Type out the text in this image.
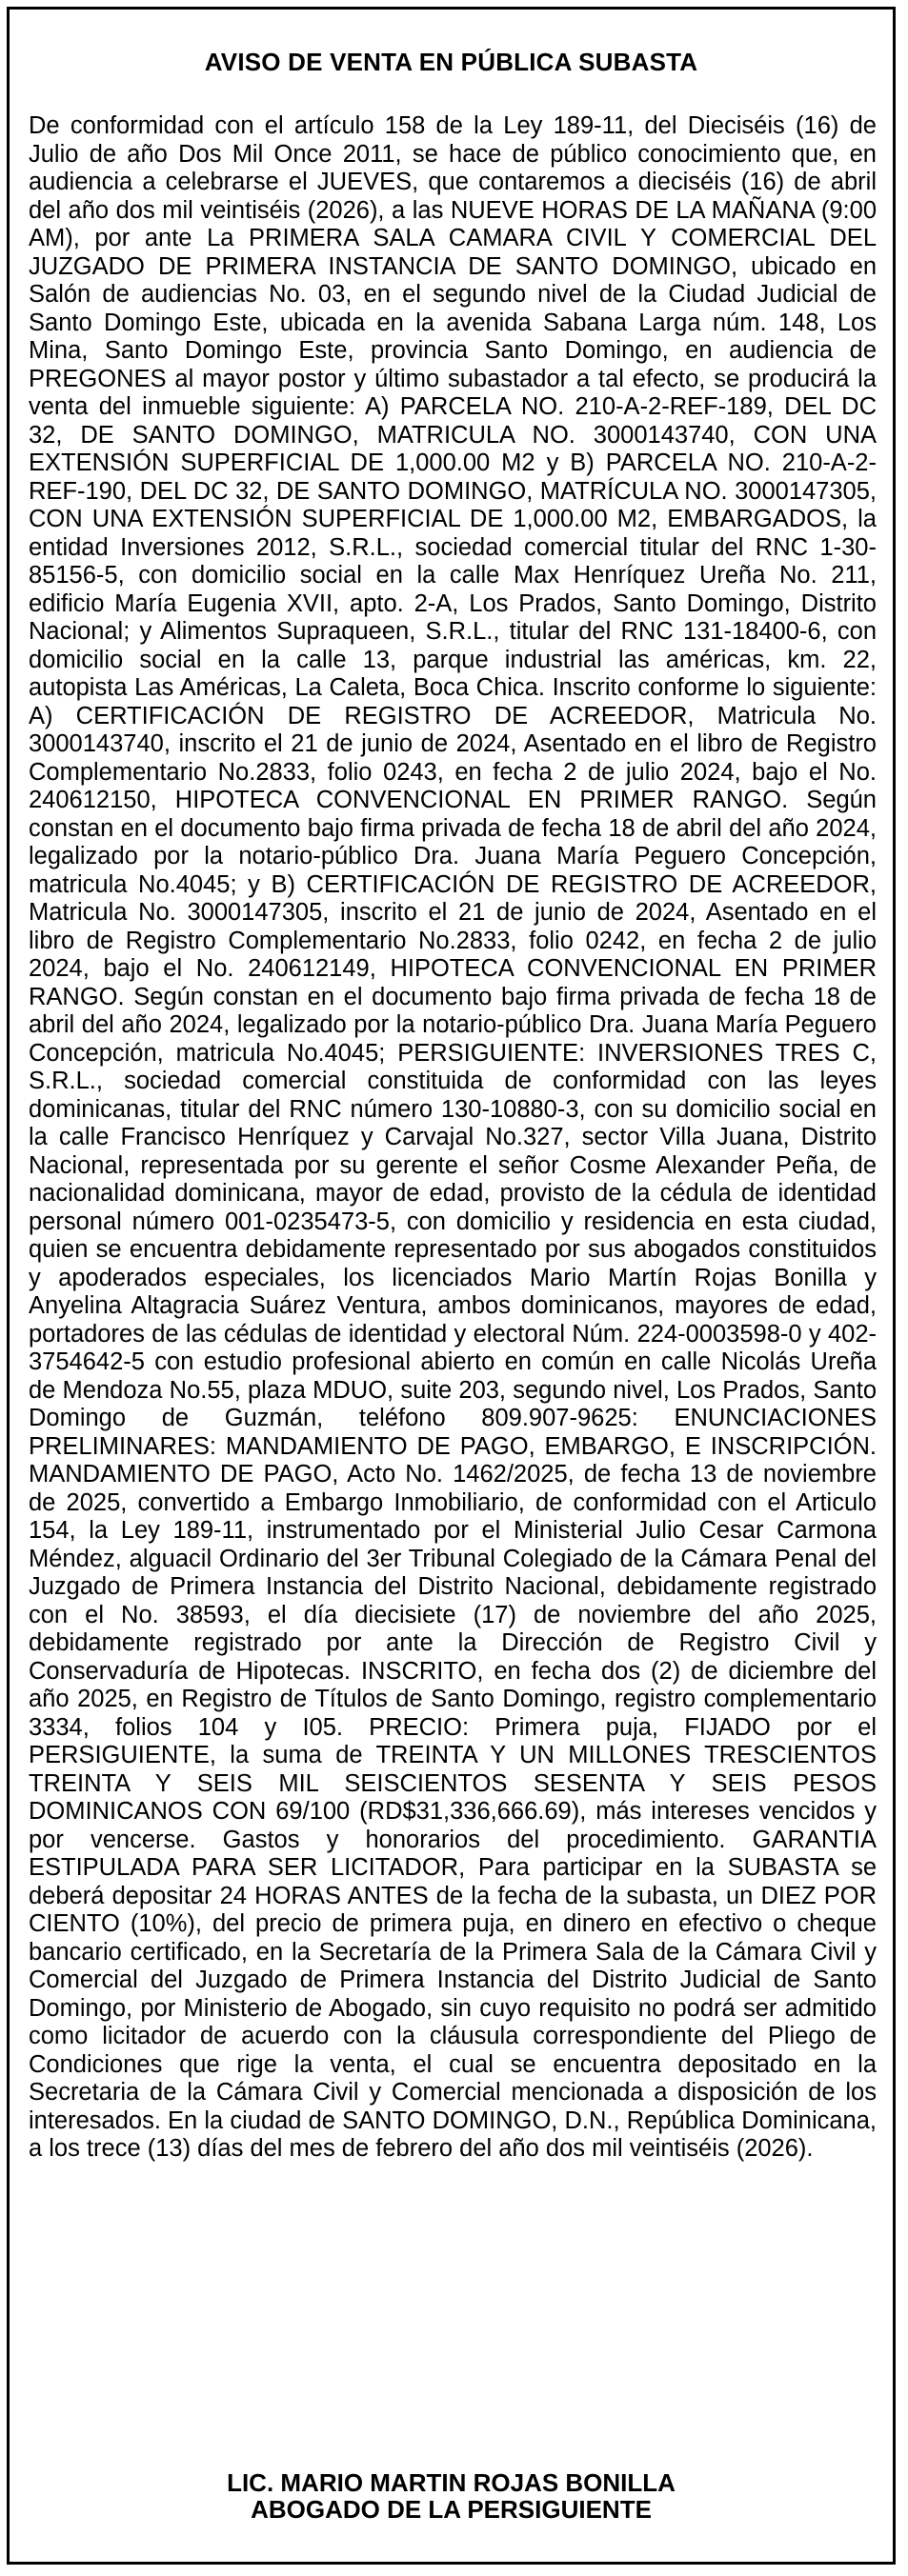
AVISO DE VENTA EN PÚBLICA SUBASTA
De conformidad con el artículo 158 de la Ley 189-11, del Dieciséis (16) de Julio de año Dos Mil Once 2011, se hace de público conocimiento que, en audiencia a celebrarse el JUEVES, que contaremos a dieciséis (16) de abril del año dos mil veintiséis (2026), a las NUEVE HORAS DE LA MAÑANA (9:00 AM), por ante La PRIMERA SALA CAMARA CIVIL Y COMERCIAL DEL JUZGADO DE PRIMERA INSTANCIA DE SANTO DOMINGO, ubicado en Salón de audiencias No. 03, en el segundo nivel de la Ciudad Judicial de Santo Domingo Este, ubicada en la avenida Sabana Larga núm. 148, Los Mina, Santo Domingo Este, provincia Santo Domingo, en audiencia de PREGONES al mayor postor y último subastador a tal efecto, se producirá la venta del inmueble siguiente: A) PARCELA NO. 210-A-2-REF-189, DEL DC 32, DE SANTO DOMINGO, MATRICULA NO. 3000143740, CON UNA EXTENSIÓN SUPERFICIAL DE 1,000.00 M2 y B) PARCELA NO. 210-A-2-REF-190, DEL DC 32, DE SANTO DOMINGO, MATRÍCULA NO. 3000147305, CON UNA EXTENSIÓN SUPERFICIAL DE 1,000.00 M2, EMBARGADOS, la entidad Inversiones 2012, S.R.L., sociedad comercial titular del RNC 1-30-85156-5, con domicilio social en la calle Max Henríquez Ureña No. 211, edificio María Eugenia XVII, apto. 2-A, Los Prados, Santo Domingo, Distrito Nacional; y Alimentos Supraqueen, S.R.L., titular del RNC 131-18400-6, con domicilio social en la calle 13, parque industrial las américas, km. 22, autopista Las Américas, La Caleta, Boca Chica. Inscrito conforme lo siguiente: A) CERTIFICACIÓN DE REGISTRO DE ACREEDOR, Matricula No. 3000143740, inscrito el 21 de junio de 2024, Asentado en el libro de Registro Complementario No.2833, folio 0243, en fecha 2 de julio 2024, bajo el No. 240612150, HIPOTECA CONVENCIONAL EN PRIMER RANGO. Según constan en el documento bajo firma privada de fecha 18 de abril del año 2024, legalizado por la notario-público Dra. Juana María Peguero Concepción, matricula No.4045; y B) CERTIFICACIÓN DE REGISTRO DE ACREEDOR, Matricula No. 3000147305, inscrito el 21 de junio de 2024, Asentado en el libro de Registro Complementario No.2833, folio 0242, en fecha 2 de julio 2024, bajo el No. 240612149, HIPOTECA CONVENCIONAL EN PRIMER RANGO. Según constan en el documento bajo firma privada de fecha 18 de abril del año 2024, legalizado por la notario-público Dra. Juana María Peguero Concepción, matricula No.4045; PERSIGUIENTE: INVERSIONES TRES C, S.R.L., sociedad comercial constituida de conformidad con las leyes dominicanas, titular del RNC número 130-10880-3, con su domicilio social en la calle Francisco Henríquez y Carvajal No.327, sector Villa Juana, Distrito Nacional, representada por su gerente el señor Cosme Alexander Peña, de nacionalidad dominicana, mayor de edad, provisto de la cédula de identidad personal número 001-0235473-5, con domicilio y residencia en esta ciudad, quien se encuentra debidamente representado por sus abogados constituidos y apoderados especiales, los licenciados Mario Martín Rojas Bonilla y Anyelina Altagracia Suárez Ventura, ambos dominicanos, mayores de edad, portadores de las cédulas de identidad y electoral Núm. 224-0003598-0 y 402-3754642-5 con estudio profesional abierto en común en calle Nicolás Ureña de Mendoza No.55, plaza MDUO, suite 203, segundo nivel, Los Prados, Santo Domingo de Guzmán, teléfono 809.907-9625: ENUNCIACIONES PRELIMINARES: MANDAMIENTO DE PAGO, EMBARGO, E INSCRIPCIÓN. MANDAMIENTO DE PAGO, Acto No. 1462/2025, de fecha 13 de noviembre de 2025, convertido a Embargo Inmobiliario, de conformidad con el Articulo 154, la Ley 189-11, instrumentado por el Ministerial Julio Cesar Carmona Méndez, alguacil Ordinario del 3er Tribunal Colegiado de la Cámara Penal del Juzgado de Primera Instancia del Distrito Nacional, debidamente registrado con el No. 38593, el día diecisiete (17) de noviembre del año 2025, debidamente registrado por ante la Dirección de Registro Civil y Conservaduría de Hipotecas. INSCRITO, en fecha dos (2) de diciembre del año 2025, en Registro de Títulos de Santo Domingo, registro complementario 3334, folios 104 y I05. PRECIO: Primera puja, FIJADO por el PERSIGUIENTE, la suma de TREINTA Y UN MILLONES TRESCIENTOS TREINTA Y SEIS MIL SEISCIENTOS SESENTA Y SEIS PESOS DOMINICANOS CON 69/100 (RD$31,336,666.69), más intereses vencidos y por vencerse. Gastos y honorarios del procedimiento. GARANTIA ESTIPULADA PARA SER LICITADOR, Para participar en la SUBASTA se deberá depositar 24 HORAS ANTES de la fecha de la subasta, un DIEZ POR CIENTO (10%), del precio de primera puja, en dinero en efectivo o cheque bancario certificado, en la Secretaría de la Primera Sala de la Cámara Civil y Comercial del Juzgado de Primera Instancia del Distrito Judicial de Santo Domingo, por Ministerio de Abogado, sin cuyo requisito no podrá ser admitido como licitador de acuerdo con la cláusula correspondiente del Pliego de Condiciones que rige la venta, el cual se encuentra depositado en la Secretaria de la Cámara Civil y Comercial mencionada a disposición de los interesados. En la ciudad de SANTO DOMINGO, D.N., República Dominicana, a los trece (13) días del mes de febrero del año dos mil veintiséis (2026).
LIC. MARIO MARTIN ROJAS BONILLA
ABOGADO DE LA PERSIGUIENTE
